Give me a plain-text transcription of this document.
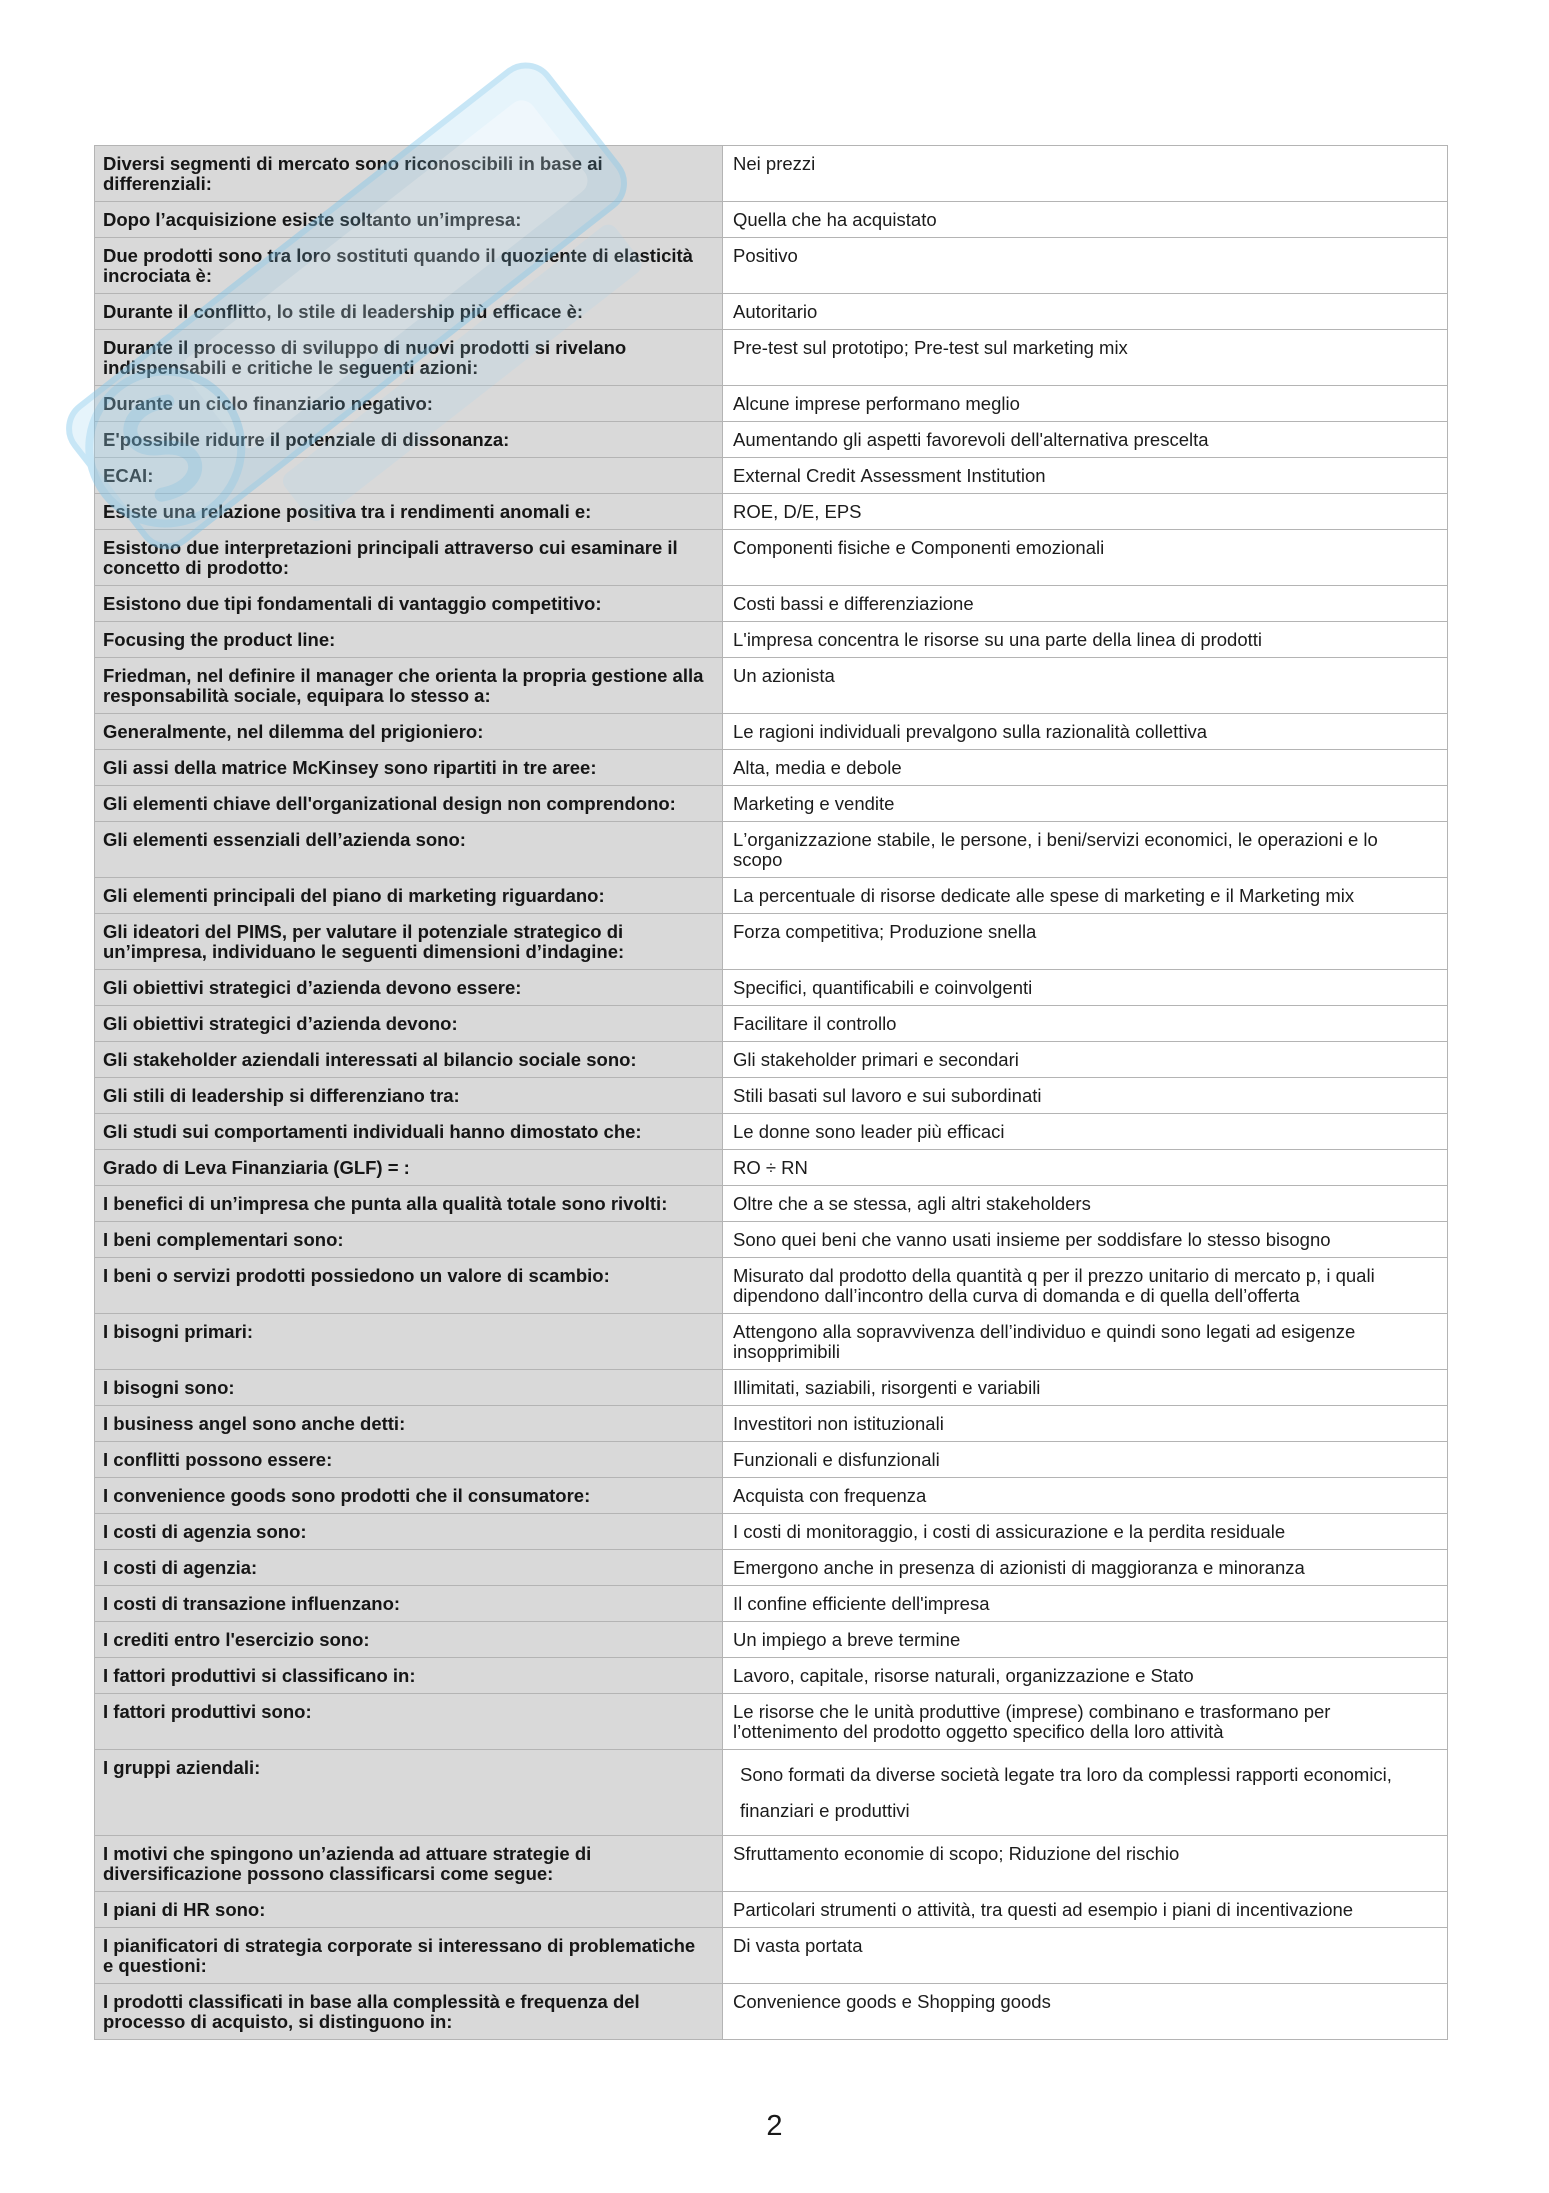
Diversi segmenti di mercato sono riconoscibili in base ai differenziali:	Nei prezzi
Dopo l’acquisizione esiste soltanto un’impresa:	Quella che ha acquistato
Due prodotti sono tra loro sostituti quando il quoziente di elasticità incrociata è:	Positivo
Durante il conflitto, lo stile di leadership più efficace è:	Autoritario
Durante il processo di sviluppo di nuovi prodotti si rivelano indispensabili e critiche le seguenti azioni:	Pre-test sul prototipo; Pre-test sul marketing mix
Durante un ciclo finanziario negativo:	Alcune imprese performano meglio
E'possibile ridurre il potenziale di dissonanza:	Aumentando gli aspetti favorevoli dell'alternativa prescelta
ECAI:	External Credit Assessment Institution
Esiste una relazione positiva tra i rendimenti anomali e:	ROE, D/E, EPS
Esistono due interpretazioni principali attraverso cui esaminare il concetto di prodotto:	Componenti fisiche e Componenti emozionali
Esistono due tipi fondamentali di vantaggio competitivo:	Costi bassi e differenziazione
Focusing the product line:	L'impresa concentra le risorse su una parte della linea di prodotti
Friedman, nel definire il manager che orienta la propria gestione alla responsabilità sociale, equipara lo stesso a:	Un azionista
Generalmente, nel dilemma del prigioniero:	Le ragioni individuali prevalgono sulla razionalità collettiva
Gli assi della matrice McKinsey sono ripartiti in tre aree:	Alta, media e debole
Gli elementi chiave dell'organizational design non comprendono:	Marketing e vendite
Gli elementi essenziali dell’azienda sono:	L’organizzazione stabile, le persone, i beni/servizi economici, le operazioni e lo scopo
Gli elementi principali del piano di marketing riguardano:	La percentuale di risorse dedicate alle spese di marketing e il Marketing mix
Gli ideatori del PIMS, per valutare il potenziale strategico di un’impresa, individuano le seguenti dimensioni d’indagine:	Forza competitiva; Produzione snella
Gli obiettivi strategici d’azienda devono essere:	Specifici, quantificabili e coinvolgenti
Gli obiettivi strategici d’azienda devono:	Facilitare il controllo
Gli stakeholder aziendali interessati al bilancio sociale sono:	Gli stakeholder primari e secondari
Gli stili di leadership si differenziano tra:	Stili basati sul lavoro e sui subordinati
Gli studi sui comportamenti individuali hanno dimostato che:	Le donne sono leader più efficaci
Grado di Leva Finanziaria (GLF) = :	RO ÷ RN
I benefici di un’impresa che punta alla qualità totale sono rivolti:	Oltre che a se stessa, agli altri stakeholders
I beni complementari sono:	Sono quei beni che vanno usati insieme per soddisfare lo stesso bisogno
I beni o servizi prodotti possiedono un valore di scambio:	Misurato dal prodotto della quantità q per il prezzo unitario di mercato p, i quali dipendono dall’incontro della curva di domanda e di quella dell’offerta
I bisogni primari:	Attengono alla sopravvivenza dell’individuo e quindi sono legati ad esigenze insopprimibili
I bisogni sono:	Illimitati, saziabili, risorgenti e variabili
I business angel sono anche detti:	Investitori non istituzionali
I conflitti possono essere:	Funzionali e disfunzionali
I convenience goods sono prodotti che il consumatore:	Acquista con frequenza
I costi di agenzia sono:	I costi di monitoraggio, i costi di assicurazione e la perdita residuale
I costi di agenzia:	Emergono anche in presenza di azionisti di maggioranza e minoranza
I costi di transazione influenzano:	Il confine efficiente dell'impresa
I crediti entro l'esercizio sono:	Un impiego a breve termine
I fattori produttivi si classificano in:	Lavoro, capitale, risorse naturali, organizzazione e Stato
I fattori produttivi sono:	Le risorse che le unità produttive (imprese) combinano e trasformano per l’ottenimento del prodotto oggetto specifico della loro attività
I gruppi aziendali:	Sono formati da diverse società legate tra loro da complessi rapporti economici, finanziari e produttivi
I motivi che spingono un’azienda ad attuare strategie di diversificazione possono classificarsi come segue:	Sfruttamento economie di scopo; Riduzione del rischio
I piani di HR sono:	Particolari strumenti o attività, tra questi ad esempio i piani di incentivazione
I pianificatori di strategia corporate si interessano di problematiche e questioni:	Di vasta portata
I prodotti classificati in base alla complessità e frequenza del processo di acquisto, si distinguono in:	Convenience goods e Shopping goods
2
